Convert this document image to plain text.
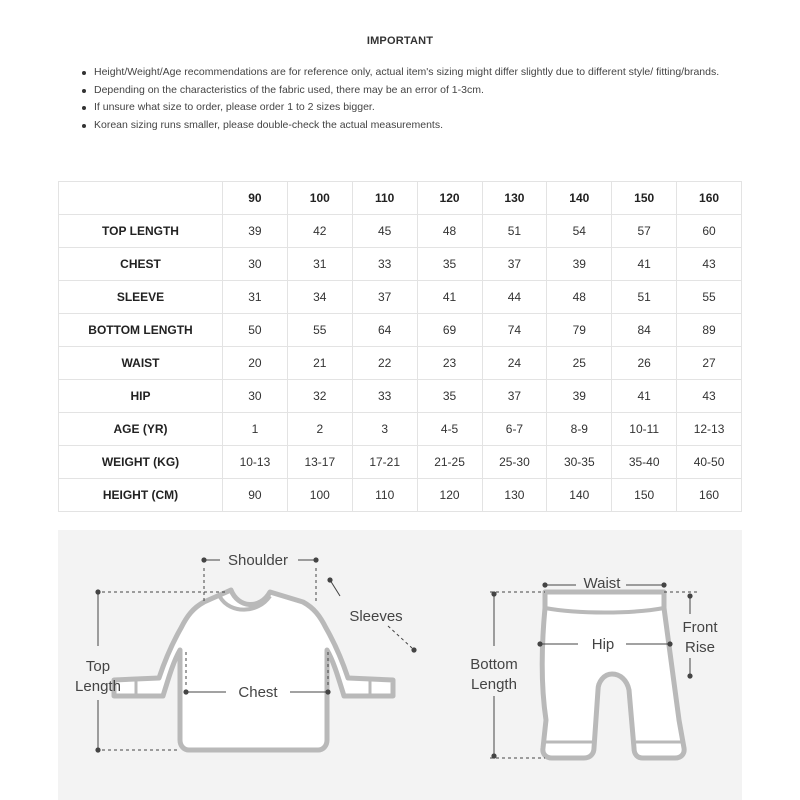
IMPORTANT
Height/Weight/Age recommendations are for reference only, actual item's sizing might differ slightly due to different style/ fitting/brands.
Depending on the characteristics of the fabric used, there may be an error of 1-3cm.
If unsure what size to order, please order 1 to 2 sizes bigger.
Korean sizing runs smaller, please double-check the actual measurements.
	90	100	110	120	130	140	150	160
TOP LENGTH	39	42	45	48	51	54	57	60
CHEST	30	31	33	35	37	39	41	43
SLEEVE	31	34	37	41	44	48	51	55
BOTTOM LENGTH	50	55	64	69	74	79	84	89
WAIST	20	21	22	23	24	25	26	27
HIP	30	32	33	35	37	39	41	43
AGE (YR)	1	2	3	4-5	6-7	8-9	10-11	12-13
WEIGHT (KG)	10-13	13-17	17-21	21-25	25-30	30-35	35-40	40-50
HEIGHT (CM)	90	100	110	120	130	140	150	160
Shoulder
Sleeves
Top
Length	Chest
Waist
Hip
Front
Rise
Bottom
Length
